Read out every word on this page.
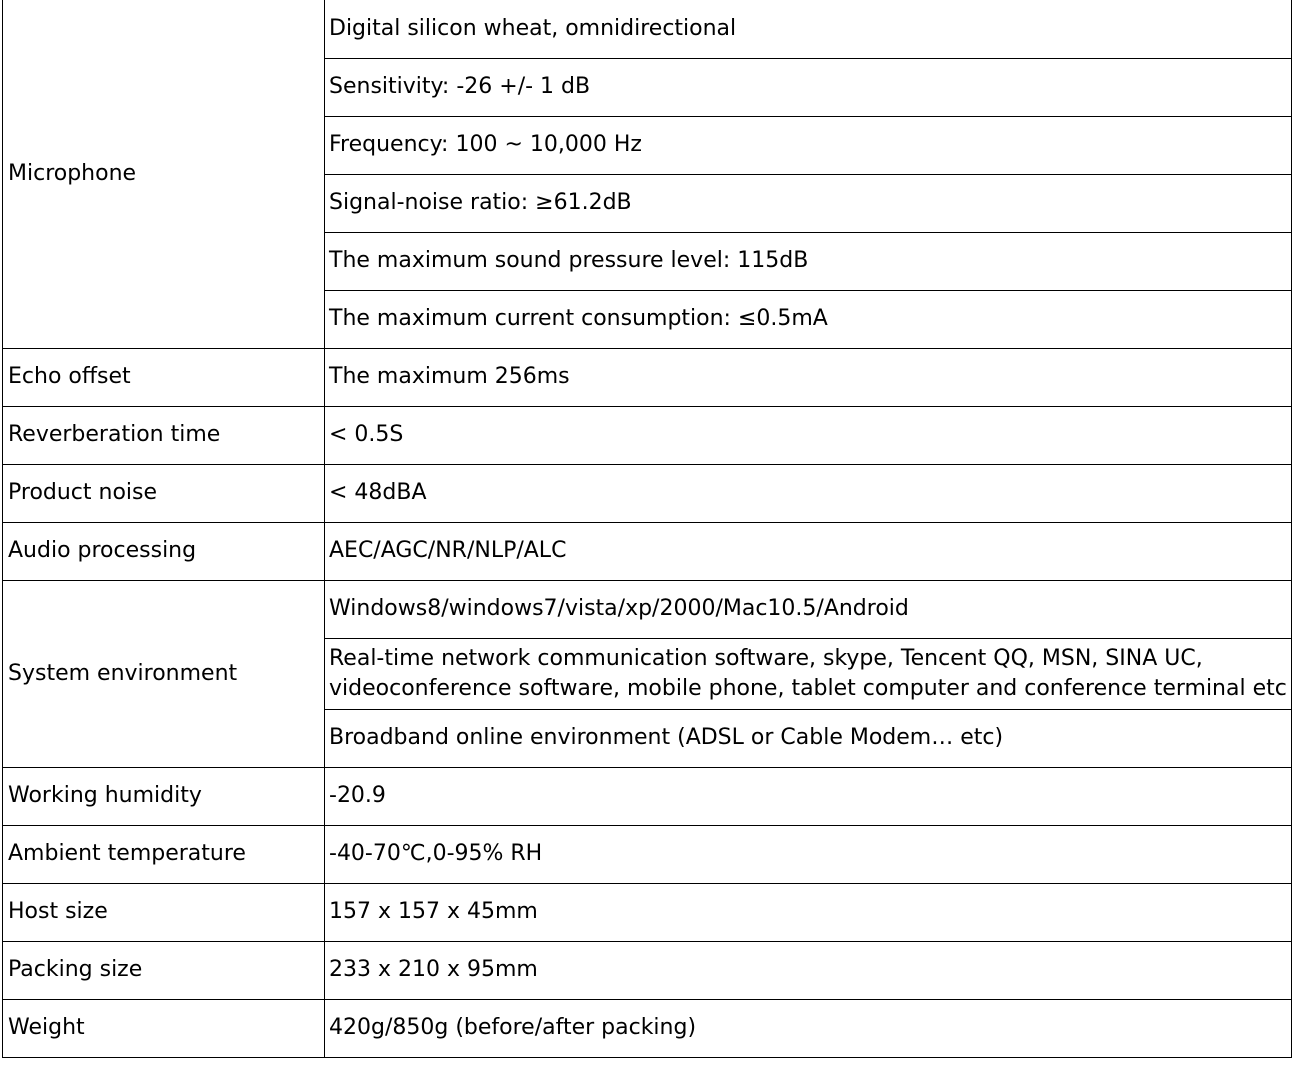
Microphone	Digital silicon wheat, omnidirectional
	Sensitivity: -26 +/- 1 dB
	Frequency: 100 ~ 10,000 Hz
	Signal-noise ratio: ≥61.2dB
	The maximum sound pressure level: 115dB
	The maximum current consumption: ≤0.5mA
Echo offset	The maximum 256ms
Reverberation time	< 0.5S
Product noise	< 48dBA
Audio processing	AEC/AGC/NR/NLP/ALC
System environment	Windows8/windows7/vista/xp/2000/Mac10.5/Android

	Real-time network communication software, skype, Tencent QQ, MSN, SINA UC,
videoconference software, mobile phone, tablet computer and conference terminal etc

	Broadband online environment (ADSL or Cable Modem… etc)
Working humidity	-20.9
Ambient temperature	-40-70℃,0-95% RH
Host size	157 x 157 x 45mm
Packing size	233 x 210 x 95mm
Weight	420g/850g (before/after packing)
